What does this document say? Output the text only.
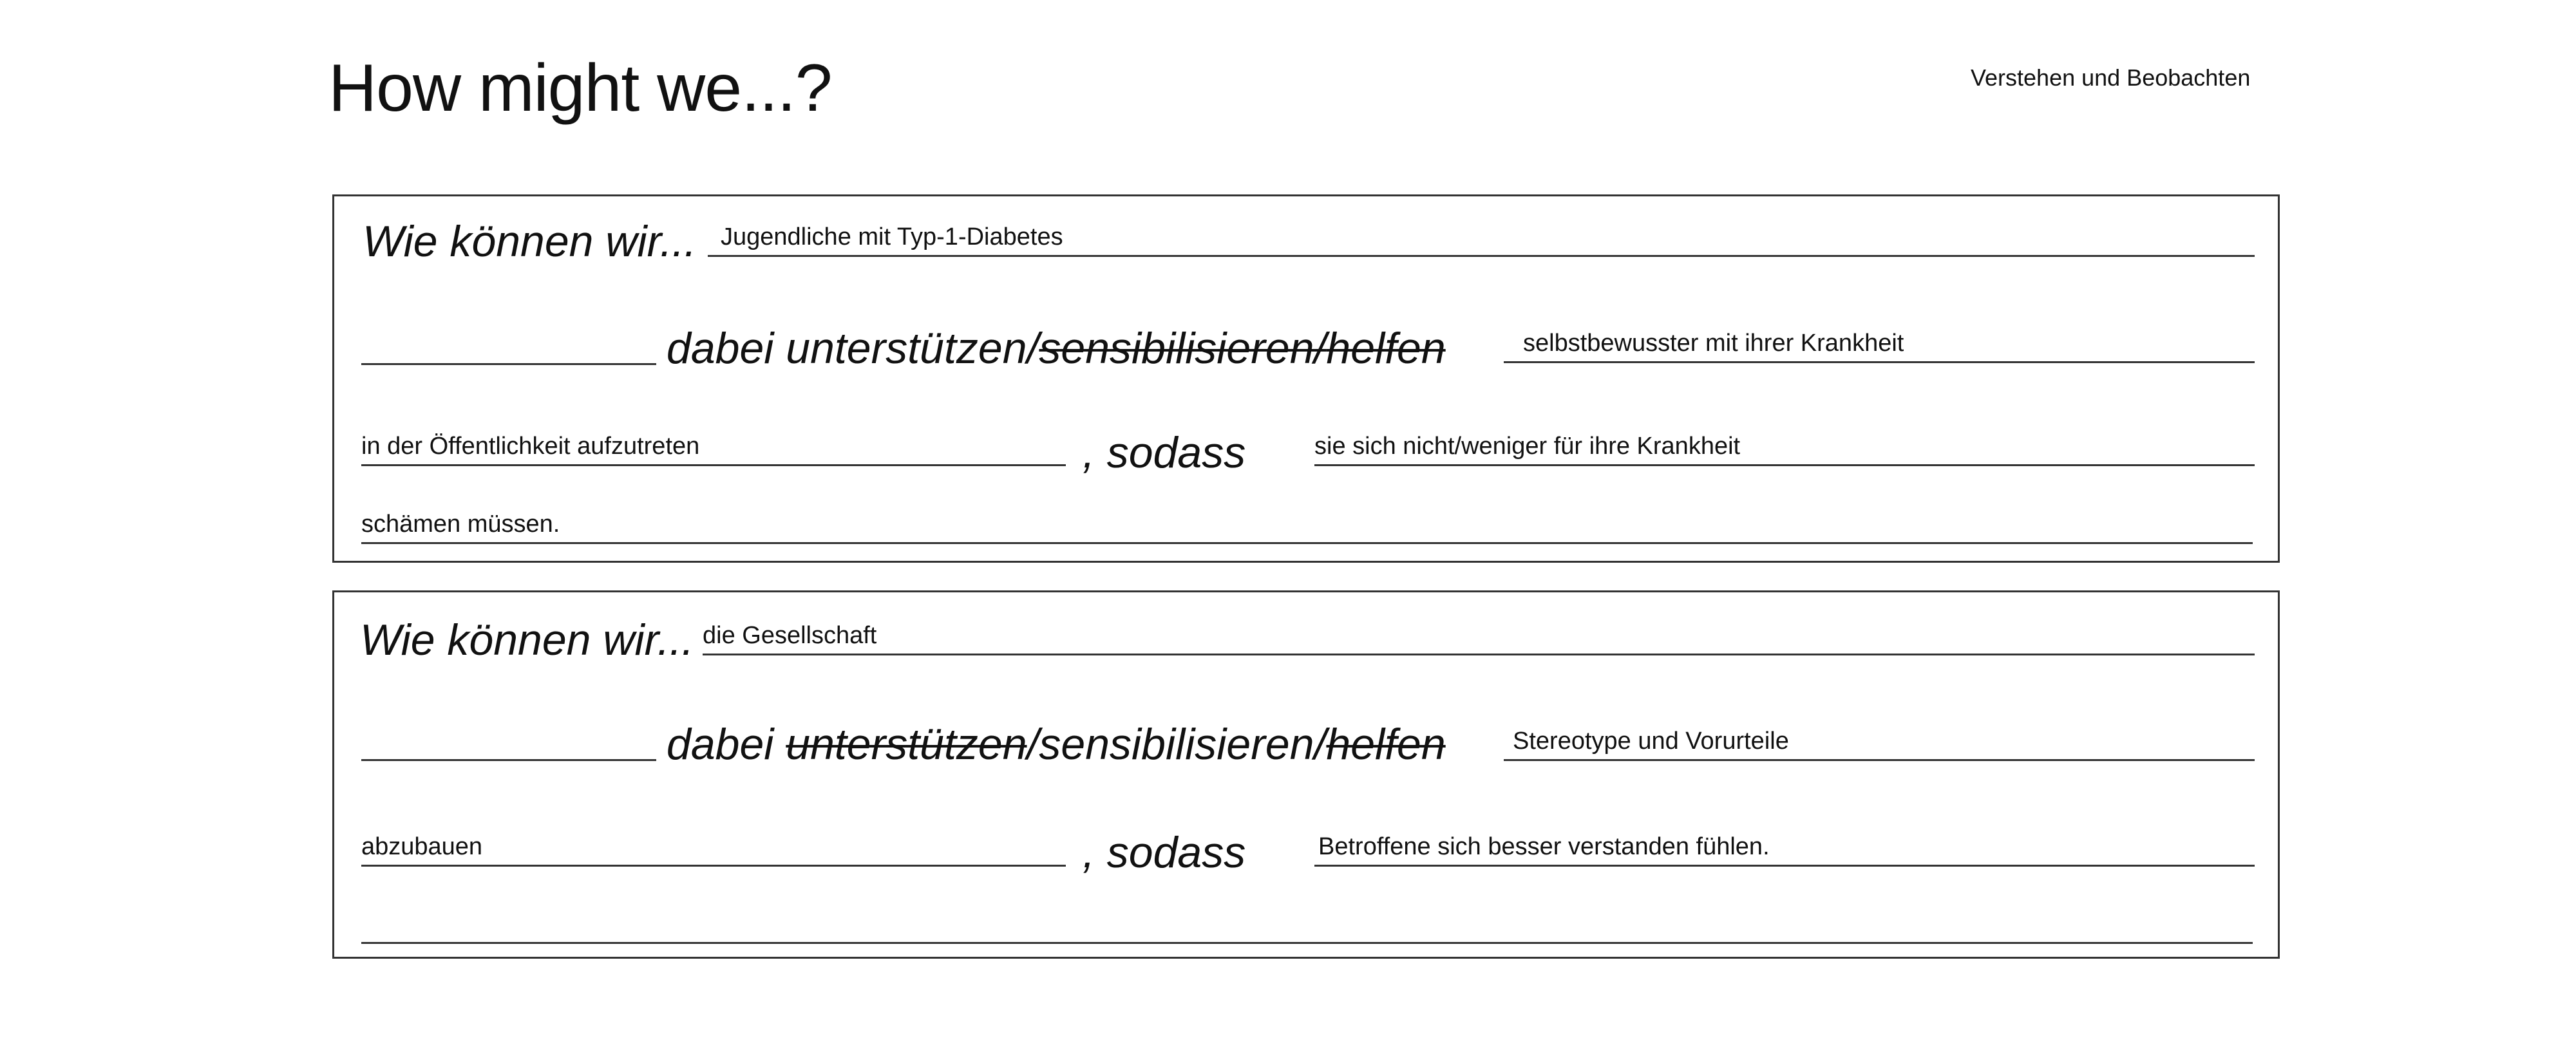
How might we...?	Verstehen und Beobachten
Wie können wir... Jugendliche mit Typ-1-Diabetes
dabei unterstützen/sensibilisieren/helfen	selbstbewusster mit ihrer Krankheit
in der Öffentlichkeit aufzutreten	, sodass	sie sich nicht/weniger für ihre Krankheit
schämen müssen.
Wie können wir... die Gesellschaft
dabei unterstützen/sensibilisieren/helfen	Stereotype und Vorurteile
abzubauen	, sodass	Betroffene sich besser verstanden fühlen.
